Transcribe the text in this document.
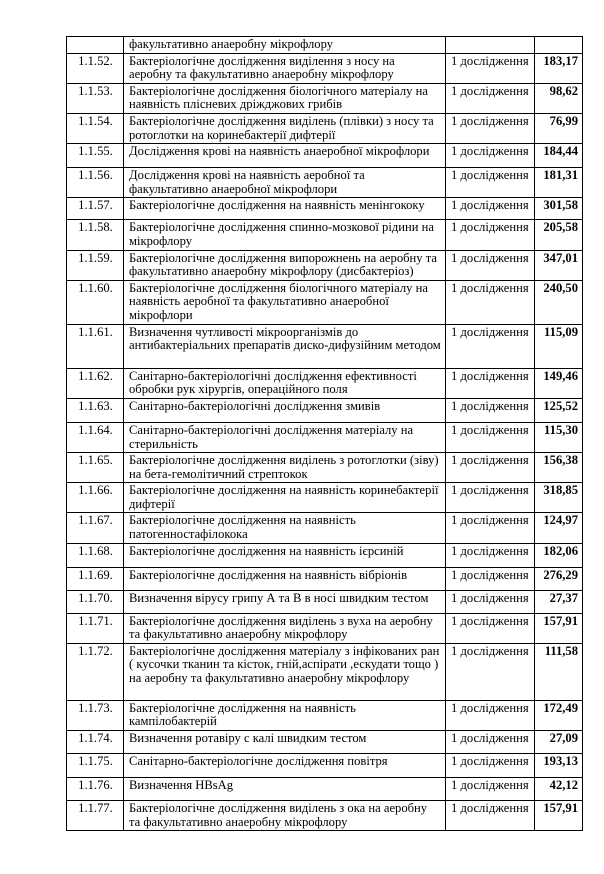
	факультативно анаеробну мікрофлору		
1.1.52.	Бактеріологічне дослідження виділення з носу на аеробну та факультативно анаеробну мікрофлору	1 дослідження	183,17
1.1.53.	Бактеріологічне дослідження біологічного матеріалу на наявність плісневих дріжджових грибів	1 дослідження	98,62
1.1.54.	Бактеріологічне дослідження виділень (плівки) з носу та ротоглотки на коринебактерії дифтерії	1 дослідження	76,99
1.1.55.	Дослідження крові на наявність анаеробної мікрофлори	1 дослідження	184,44
1.1.56.	Дослідження крові на наявність аеробної та факультативно анаеробної мікрофлори	1 дослідження	181,31
1.1.57.	Бактеріологічне дослідження на наявність менінгококу	1 дослідження	301,58
1.1.58.	Бактеріологічне дослідження спинно-мозкової рідини на мікрофлору	1 дослідження	205,58
1.1.59.	Бактеріологічне дослідження випорожнень на аеробну та факультативно анаеробну мікрофлору (дисбактеріоз)	1 дослідження	347,01
1.1.60.	Бактеріологічне дослідження біологічного матеріалу на наявність аеробної та факультативно анаеробної мікрофлори	1 дослідження	240,50
1.1.61.	Визначення чутливості мікроорганізмів до антибактеріальних препаратів диско-дифузійним методом	1 дослідження	115,09
1.1.62.	Санітарно-бактеріологічні дослідження ефективності обробки рук хірургів, операційного поля	1 дослідження	149,46
1.1.63.	Санітарно-бактеріологічні дослідження змивів	1 дослідження	125,52
1.1.64.	Санітарно-бактеріологічні дослідження матеріалу на стерильність	1 дослідження	115,30
1.1.65.	Бактеріологічне дослідження виділень з ротоглотки (зіву) на бета-гемолітичний стрептокок	1 дослідження	156,38
1.1.66.	Бактеріологічне дослідження на наявність коринебактерії дифтерії	1 дослідження	318,85
1.1.67.	Бактеріологічне дослідження на наявність патогенностафілокока	1 дослідження	124,97
1.1.68.	Бактеріологічне дослідження на наявність ієрсиній	1 дослідження	182,06
1.1.69.	Бактеріологічне дослідження на наявність вібріонів	1 дослідження	276,29
1.1.70.	Визначення вірусу грипу А та В в носі швидким тестом	1 дослідження	27,37
1.1.71.	Бактеріологічне дослідження виділень з вуха на аеробну та факультативно анаеробну мікрофлору	1 дослідження	157,91
1.1.72.	Бактеріологічне дослідження матеріалу з інфікованих ран ( кусочки тканин та кісток, гній,аспірати ,ескудати тощо ) на аеробну та факультативно анаеробну мікрофлору	1 дослідження	111,58
1.1.73.	Бактеріологічне дослідження на наявність кампілобактерій	1 дослідження	172,49
1.1.74.	Визначення ротавіру с калі швидким тестом	1 дослідження	27,09
1.1.75.	Санітарно-бактеріологічне дослідження повітря	1 дослідження	193,13
1.1.76.	Визначення HBsAg	1 дослідження	42,12
1.1.77.	Бактеріологічне дослідження виділень з ока на аеробну та факультативно анаеробну мікрофлору	1 дослідження	157,91
